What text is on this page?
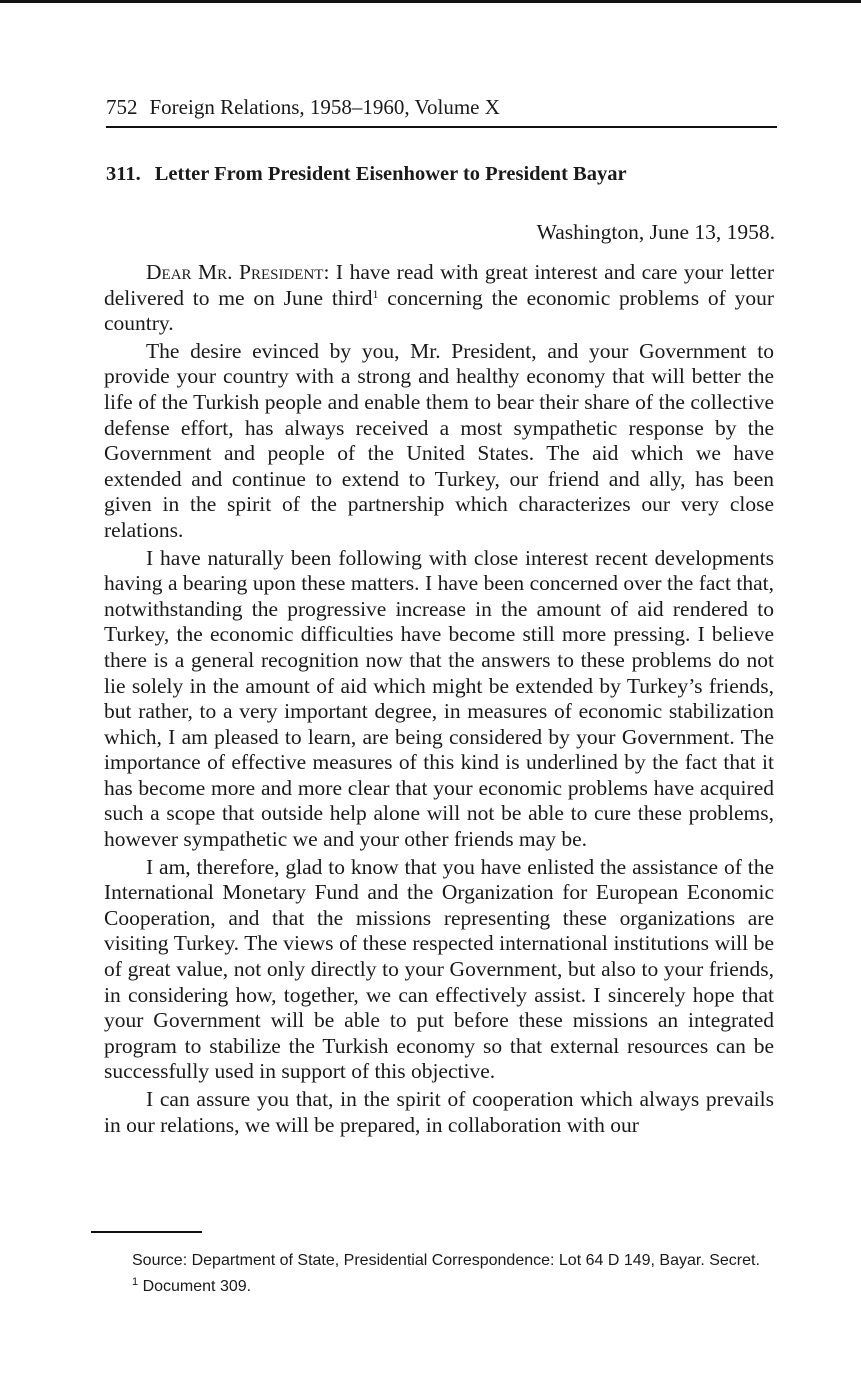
752 Foreign Relations, 1958–1960, Volume X
311. Letter From President Eisenhower to President Bayar
Washington, June 13, 1958.

Dear Mr. President: I have read with great interest and care your letter delivered to me on June third$^1$ concerning the economic problems of your country.

The desire evinced by you, Mr. President, and your Government to provide your country with a strong and healthy economy that will better the life of the Turkish people and enable them to bear their share of the collective defense effort, has always received a most sympathetic response by the Government and people of the United States. The aid which we have extended and continue to extend to Turkey, our friend and ally, has been given in the spirit of the partnership which characterizes our very close relations.

I have naturally been following with close interest recent developments having a bearing upon these matters. I have been concerned over the fact that, notwithstanding the progressive increase in the amount of aid rendered to Turkey, the economic difficulties have become still more pressing. I believe there is a general recognition now that the answers to these problems do not lie solely in the amount of aid which might be extended by Turkey’s friends, but rather, to a very important degree, in measures of economic stabilization which, I am pleased to learn, are being considered by your Government. The importance of effective measures of this kind is underlined by the fact that it has become more and more clear that your economic problems have acquired such a scope that outside help alone will not be able to cure these problems, however sympathetic we and your other friends may be.

I am, therefore, glad to know that you have enlisted the assistance of the International Monetary Fund and the Organization for European Economic Cooperation, and that the missions representing these organizations are visiting Turkey. The views of these respected international institutions will be of great value, not only directly to your Government, but also to your friends, in considering how, together, we can effectively assist. I sincerely hope that your Government will be able to put before these missions an integrated program to stabilize the Turkish economy so that external resources can be successfully used in support of this objective.

I can assure you that, in the spirit of cooperation which always prevails in our relations, we will be prepared, in collaboration with our

Source: Department of State, Presidential Correspondence: Lot 64 D 149, Bayar. Secret.

$^1$ Document 309.
